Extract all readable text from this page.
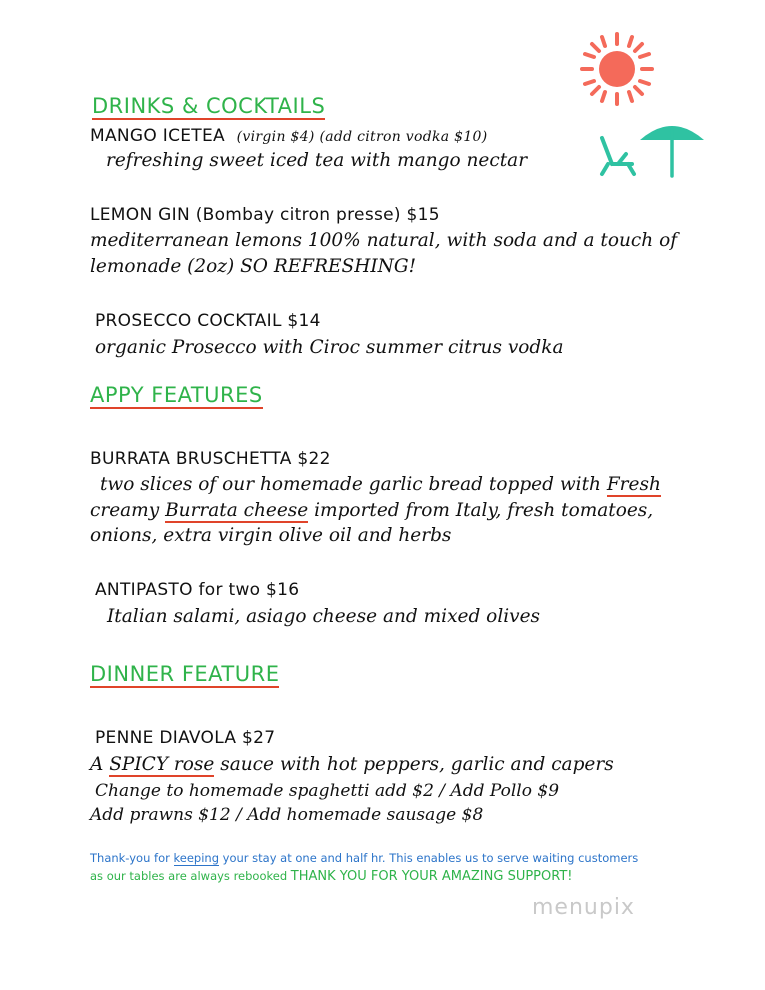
DRINKS & COCKTAILS
MANGO ICETEA (virgin $4) (add citron vodka $10)
refreshing sweet iced tea with mango nectar
LEMON GIN (Bombay citron presse) $15
mediterranean lemons 100% natural, with soda and a touch of
lemonade (2oz) SO REFRESHING!
PROSECCO COCKTAIL $14
organic Prosecco with Ciroc summer citrus vodka
APPY FEATURES
BURRATA BRUSCHETTA $22
two slices of our homemade garlic bread topped with Fresh
creamy Burrata cheese imported from Italy, fresh tomatoes,
onions, extra virgin olive oil and herbs
ANTIPASTO for two $16
Italian salami, asiago cheese and mixed olives
DINNER FEATURE
PENNE DIAVOLA $27
A SPICY rose sauce with hot peppers, garlic and capers
Change to homemade spaghetti add $2 / Add Pollo $9
Add prawns $12 / Add homemade sausage $8
Thank-you for keeping your stay at one and half hr. This enables us to serve waiting customers
as our tables are always rebooked THANK YOU FOR YOUR AMAZING SUPPORT!
menupix
